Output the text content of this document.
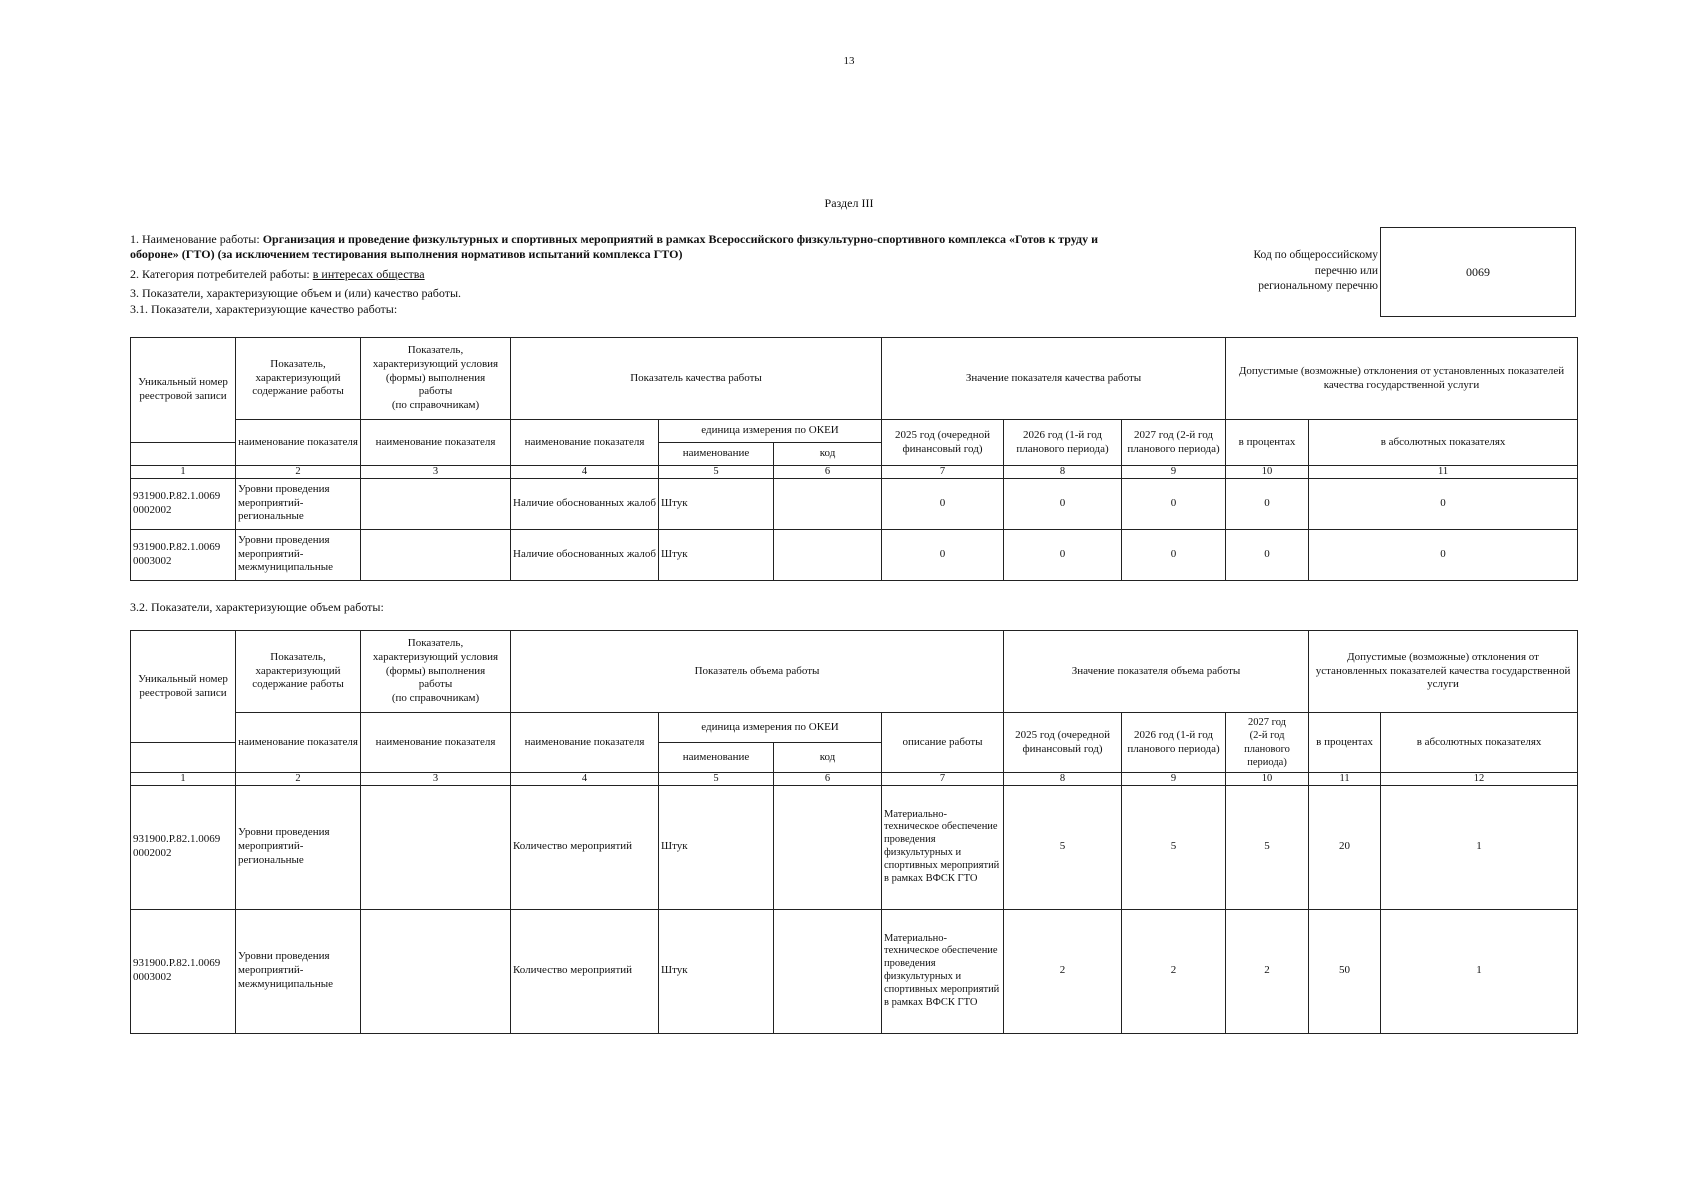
13
Раздел III
1. Наименование работы: Организация и проведение физкультурных и спортивных мероприятий в рамках Всероссийского физкультурно-спортивного комплекса «Готов к труду и
обороне» (ГТО) (за исключением тестирования выполнения нормативов испытаний комплекса ГТО)
2. Категория потребителей работы: в интересах общества
3. Показатели, характеризующие объем и (или) качество работы.
3.1. Показатели, характеризующие качество работы:
Код по общероссийскому
перечню или
региональному перечню
0069
Уникальный номер реестровой записи	Показатель, характеризующий содержание работы	Показатель,
характеризующий условия
(формы) выполнения
работы
(по справочникам)	Показатель качества работы			Значение показателя качества работы			Допустимые (возможные) отклонения от установленных показателей качества государственной услуги	
	наименование показателя	наименование показателя	наименование показателя	единица измерения по ОКЕИ		2025 год (очередной финансовый год)	2026 год (1-й год планового периода)	2027 год (2-й год планового периода)	в процентах	в абсолютных показателях
				наименование	код					
1	2	3	4	5	6	7	8	9	10	11
931900.Р.82.1.0069 0002002	Уровни проведения мероприятий-региональные		Наличие обоснованных жалоб	Штук		0	0	0	0	0
931900.Р.82.1.0069 0003002	Уровни проведения мероприятий-межмуниципальные		Наличие обоснованных жалоб	Штук		0	0	0	0	0
3.2. Показатели, характеризующие объем работы:
Уникальный номер реестровой записи	Показатель, характеризующий содержание работы	Показатель,
характеризующий условия
(формы) выполнения
работы
(по справочникам)	Показатель объема работы				Значение показателя объема работы			Допустимые (возможные) отклонения от установленных показателей качества государственной услуги	
	наименование показателя	наименование показателя	наименование показателя	единица измерения по ОКЕИ		описание работы	2025 год (очередной финансовый год)	2026 год (1-й год планового периода)	2027 год
(2-й год
планового
периода)	в процентах	в абсолютных показателях
				наименование	код						
1	2	3	4	5	6	7	8	9	10	11	12
931900.Р.82.1.0069 0002002	Уровни проведения мероприятий-региональные		Количество мероприятий	Штук		Материально-техническое обеспечение проведения физкультурных и спортивных мероприятий в рамках ВФСК ГТО	5	5	5	20	1
931900.Р.82.1.0069 0003002	Уровни проведения мероприятий-межмуниципальные		Количество мероприятий	Штук		Материально-техническое обеспечение проведения физкультурных и спортивных мероприятий в рамках ВФСК ГТО	2	2	2	50	1
